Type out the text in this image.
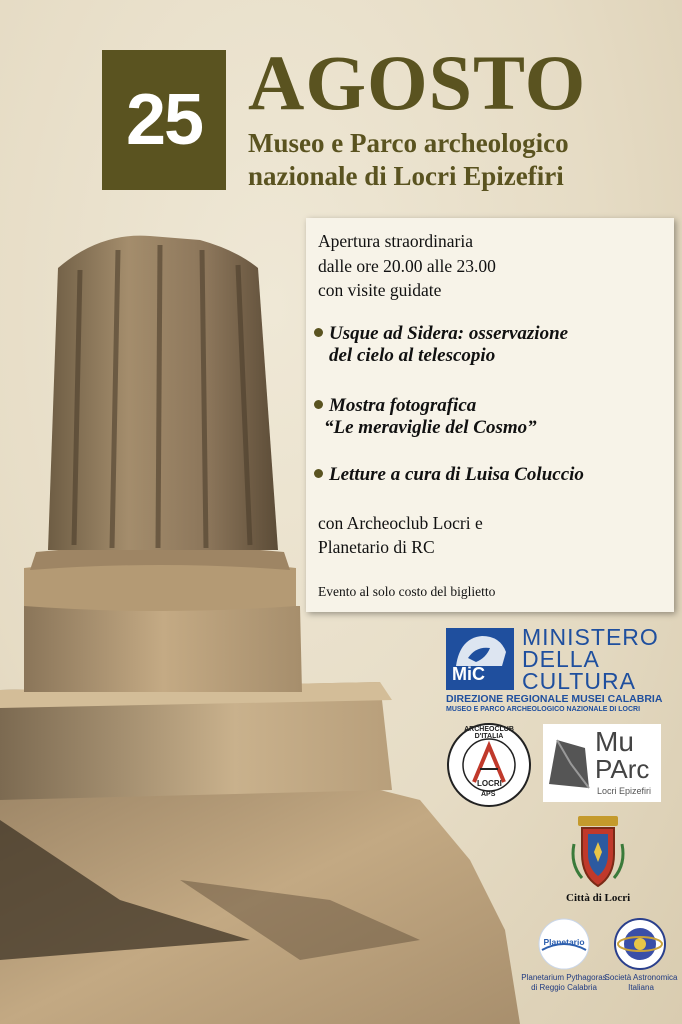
25 AGOSTO
Museo e Parco archeologico
nazionale di Locri Epizefiri
Apertura straordinaria
dalle ore 20.00 alle 23.00
con visite guidate
Usque ad Sidera: osservazione
del cielo al telescopio
Mostra fotografica
“Le meraviglie del Cosmo”
Letture a cura di Luisa Coluccio
con Archeoclub Locri e
Planetario di RC
Evento al solo costo del biglietto
MiC
MINISTERO
DELLA
CULTURA
DIREZIONE REGIONALE MUSEI CALABRIA
MUSEO E PARCO ARCHEOLOGICO NAZIONALE DI LOCRI
ARCHEOCLUB D'ITALIA
LOCRI
APS
Mu
PArc
Locri Epizefiri
Città di Locri
Planetario
Planetarium Pythagoras
di Reggio Calabria
Società Astronomica
Italiana
